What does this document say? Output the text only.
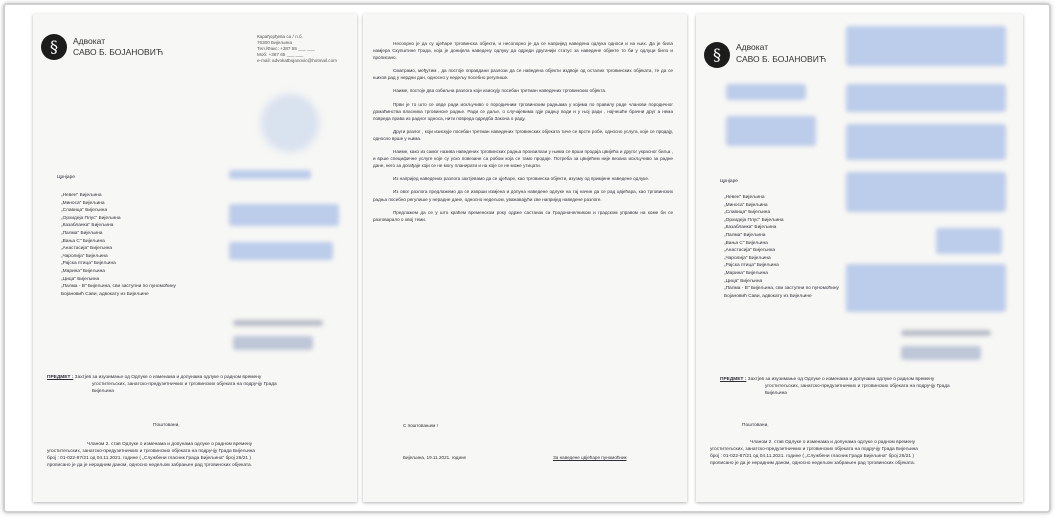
§	Адвокат
САВО Б. БОЈАНОВИЋ
Карађорђева са / л.б.
76300 Бијељина
Тел./Факс: +387 55 ___ ___
Моб: +387 65 ___ ___
e-mail: advokatbojanovic@hotmail.com
Црнјаре
„Невен" Бијељина
„Миноса" Бијељина
„Славица" Бијељина
„Орхидеја Плус" Бијељина
„Казабланка" Бијељина
„Палма" Бијељина
„Вања С" Бијељина
„Анастасија" Бијељина
„Чаролија" Бијељина
„Рајска птица" Бијељина
„Марина" Бијељина
„Цица" Бијељина
„Палма - В" Бијељина, сви заступни по пуномоћину
Бојановић Сави, адвокату из Бијељине
ПРЕДМЕТ : Захтјев за изузимање од Одлуке о изменама и допунама одлуке о радном времену
угоститељских, занатско-предузетничких и трговинских објеката на подручју Града
Бијељина
Поштовани,
Чланом 2. став Одлуке о изменама и допунама одлуке о радном времену
угоститељских, занатско-предузетничких и трговинских објеката на подручју Града Бијељина
број : 01-022-87/21 од 04.11.2021. године ( „Службени гласник Града Бијељина" број 26/21 )
прописано је да је нерадним даном, односно недељом забрањен рад трговинских објеката.

Несоорно је да су цјећаре трговинска објекти, и несопорно је да се напријед наведена одлука односи и на њих. Да је била намјера Скупштине Града, која је донијела наведену одлуку да одреди другачији статус за наведене објекте то би у одлуци било и прописано.

Сматрамо, међутим , да постоје оправдани разлози да се наведена објекти издвоје од осталих трговинских објеката, те да се њихов рад у нердни дан, односно у недељу посебно регулише.

Наиме, постоје два озбиљна разлога који изискују посебан третман наведених трговинских објекта.

Први је то што се овде ради искључиво о породичним трговинским радњама у којима по правилу раде чланови породичног домаћинства власника трговинске радње. Ради се даље, о случајевима гдје радњу води и у њој ради , најчешће брачни друг а нема повреда права из радног односа, нити повреда одредба Закона о раду.

Други разлог , који изискује посебан третман наведених трговинских објеката тиче се врсте робе, односно услуга, које се продају, односно врше у њима.

Наиме, како из самог назива наведених трговинских радња произилази у њима се врши продаја цвијећа и другог украсног биља , и врше специфичне услуге које су уско повезане са робом која се тамо продаје. Потреба за цвијећем није везана искључиво за радне дане, него за догађаје који се не могу планирати и на које се не може утицати.

Из напријед наведених разлога захтјевамо да се цјећаре, као трговинска објекти, изузму од примјене наведене одлуке.

Из овог разлога предлажемо да се изврши измјена и допуна наведене одлуке на тај начин да се рад цвјећара, као трговинских радња посебно регулише у нерадне дане, односно недељом, уважавајући све напријед наведене разлоге.

Предлажем да се у што краћем временском року одрже састанак са Градоначелником и градском управом на коме би се разговарало о овој теми.

С поштовањем !
Бијељина, 19.11.2021. године	За наведене цвјећаре пуномоћник
§	Адвокат
САВО Б. БОЈАНОВИЋ
Црнјаре
„Невен" Бијељина
„Миноса" Бијељина
„Славица" Бијељина
„Орхидеја Плус" Бијељина
„Казабланка" Бијељина
„Палма" Бијељина
„Вања С" Бијељина
„Анастасија" Бијељина
„Чаролија" Бијељина
„Рајска птица" Бијељина
„Марина" Бијељина
„Цица" Бијељина
„Палма - В" Бијељина, сви заступни по пуномоћину
Бојановић Сави, адвокату из Бијељине
ПРЕДМЕТ : Захтјев за изузимање од Одлуке о изменама и допунама одлуке о радном времену
угоститељских, занатско-предузетничких и трговинских објеката на подручју Града
Бијељина
Поштовани,
Чланом 2. став Одлуке о изменама и допунама одлуке о радном времену
угоститељских, занатско-предузетничких и трговинских објеката на подручју Града Бијељина
број : 01-022-87/21 од 04.11.2021. године ( „Службени гласник Града Бијељина" број 26/21 )
прописано је да је нерадним даном, односно недељом забрањен рад трговинских објеката.
